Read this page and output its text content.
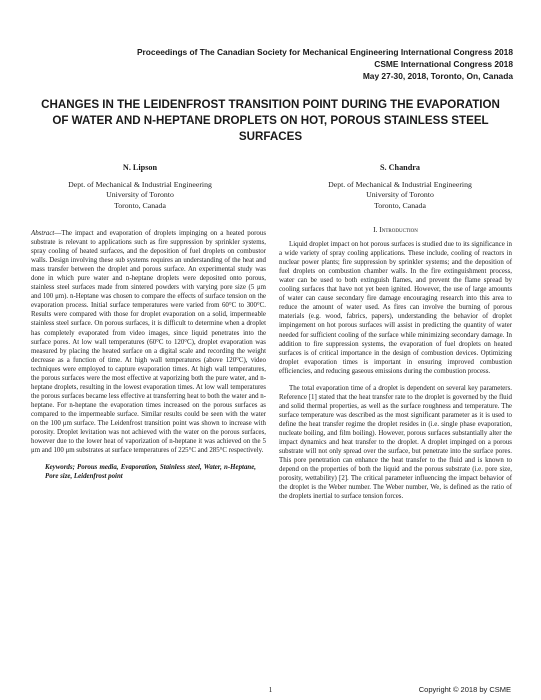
Proceedings of The Canadian Society for Mechanical Engineering International Congress 2018
CSME International Congress 2018
May 27-30, 2018, Toronto, On, Canada
CHANGES IN THE LEIDENFROST TRANSITION POINT DURING THE EVAPORATION OF WATER AND N-HEPTANE DROPLETS ON HOT, POROUS STAINLESS STEEL SURFACES
N. Lipson
Dept. of Mechanical & Industrial Engineering
University of Toronto
Toronto, Canada
S. Chandra
Dept. of Mechanical & Industrial Engineering
University of Toronto
Toronto, Canada

Abstract—The impact and evaporation of droplets impinging on a heated porous substrate is relevant to applications such as fire suppression by sprinkler systems, spray cooling of heated surfaces, and the deposition of fuel droplets on combustor walls. Design involving these sub systems requires an understanding of the heat and mass transfer between the droplet and porous surface. An experimental study was done in which pure water and n-heptane droplets were deposited onto porous, stainless steel surfaces made from sintered powders with varying pore size (5 μm and 100 μm). n-Heptane was chosen to compare the effects of surface tension on the evaporation process. Initial surface temperatures were varied from 60°C to 300°C. Results were compared with those for droplet evaporation on a solid, impermeable stainless steel surface. On porous surfaces, it is difficult to determine when a droplet has completely evaporated from video images, since liquid penetrates into the surface pores. At low wall temperatures (60°C to 120°C), droplet evaporation was measured by placing the heated surface on a digital scale and recording the weight decrease as a function of time. At high wall temperatures (above 120°C), video techniques were employed to capture evaporation times. At high wall temperatures, the porous surfaces were the most effective at vaporizing both the pure water, and n-heptane droplets, resulting in the lowest evaporation times. At low wall temperatures the porous surfaces became less effective at transferring heat to both the water and n-heptane. For n-heptane the evaporation times increased on the porous surfaces as compared to the impermeable surface. Similar results could be seen with the water on the 100 μm surface. The Leidenfrost transition point was shown to increase with porosity. Droplet levitation was not achieved with the water on the porous surfaces, however due to the lower heat of vaporization of n-heptane it was achieved on the 5 μm and 100 μm substrates at surface temperatures of 225°C and 285°C respectively.

Keywords; Porous media, Evaporation, Stainless steel, Water, n-Heptane, Pore size, Leidenfrost point

I. Introduction

Liquid droplet impact on hot porous surfaces is studied due to its significance in a wide variety of spray cooling applications. These include, cooling of reactors in nuclear power plants; fire suppression by sprinkler systems; and the deposition of fuel droplets on combustion chamber walls. In the fire extinguishment process, water can be used to both extinguish flames, and prevent the flame spread by cooling surfaces that have not yet been ignited. However, the use of large amounts of water can cause secondary fire damage encouraging research into this area to reduce the amount of water used. As fires can involve the burning of porous materials (e.g. wood, fabrics, papers), understanding the behavior of droplet impingement on hot porous surfaces will assist in predicting the quantity of water needed for sufficient cooling of the surface while minimizing secondary damage. In addition to fire suppression systems, the evaporation of fuel droplets on heated surfaces is of critical importance in the design of combustion devices. Optimizing droplet evaporation times is important in ensuring improved combustion efficiencies, and reducing gaseous emissions during the combustion process.

The total evaporation time of a droplet is dependent on several key parameters. Reference [1] stated that the heat transfer rate to the droplet is governed by the fluid and solid thermal properties, as well as the surface roughness and temperature. The surface temperature was described as the most significant parameter as it is used to define the heat transfer regime the droplet resides in (i.e. single phase evaporation, nucleate boiling, and film boiling). However, porous surfaces substantially alter the impact dynamics and heat transfer to the droplet. A droplet impinged on a porous substrate will not only spread over the surface, but penetrate into the surface pores. This pore penetration can enhance the heat transfer to the fluid and is known to depend on the properties of both the liquid and the porous substrate (i.e. pore size, porosity, wettability) [2]. The critical parameter influencing the impact behavior of the droplet is the Weber number. The Weber number, We, is defined as the ratio of the droplets inertial to surface tension forces.

1	Copyright © 2018 by CSME
